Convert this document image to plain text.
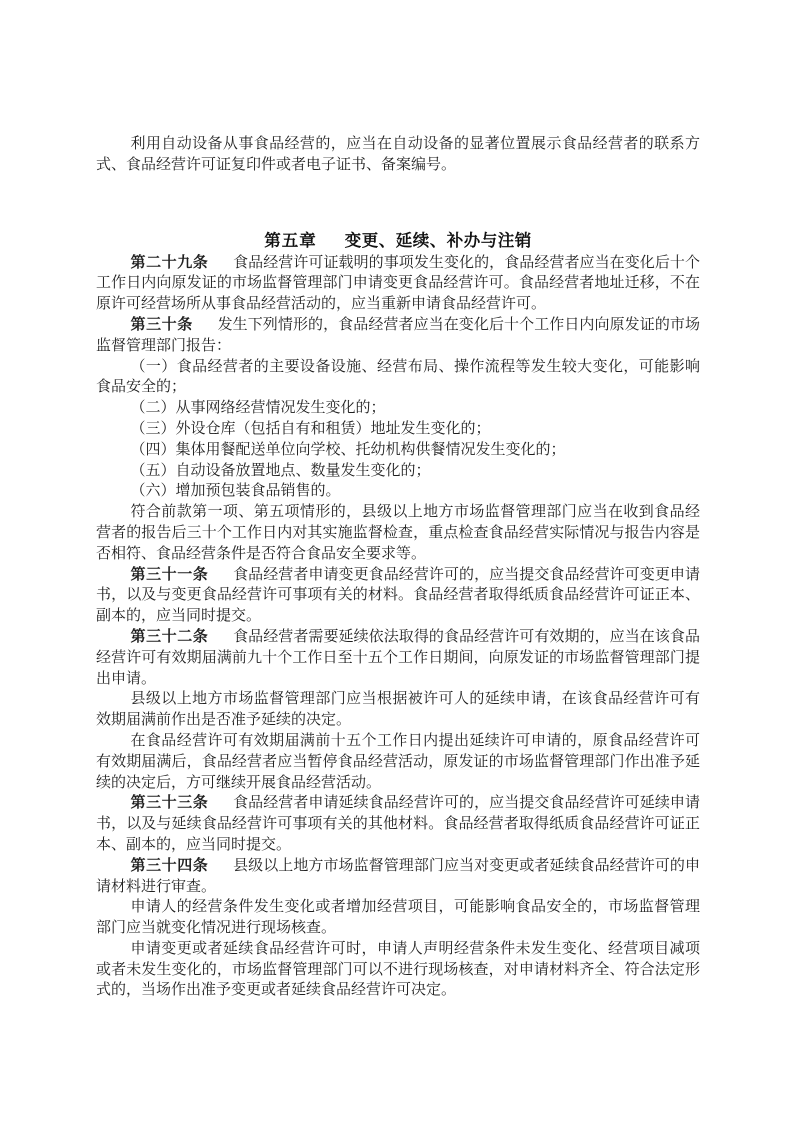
利用自动设备从事食品经营的，应当在自动设备的显著位置展示食品经营者的联系方式、食品经营许可证复印件或者电子证书、备案编号。

第五章 变更、延续、补办与注销

第二十九条 食品经营许可证载明的事项发生变化的，食品经营者应当在变化后十个工作日内向原发证的市场监督管理部门申请变更食品经营许可。食品经营者地址迁移，不在原许可经营场所从事食品经营活动的，应当重新申请食品经营许可。

第三十条 发生下列情形的，食品经营者应当在变化后十个工作日内向原发证的市场监督管理部门报告：

（一）食品经营者的主要设备设施、经营布局、操作流程等发生较大变化，可能影响食品安全的；

（二）从事网络经营情况发生变化的；

（三）外设仓库（包括自有和租赁）地址发生变化的；

（四）集体用餐配送单位向学校、托幼机构供餐情况发生变化的；

（五）自动设备放置地点、数量发生变化的；

（六）增加预包装食品销售的。

符合前款第一项、第五项情形的，县级以上地方市场监督管理部门应当在收到食品经营者的报告后三十个工作日内对其实施监督检查，重点检查食品经营实际情况与报告内容是否相符、食品经营条件是否符合食品安全要求等。

第三十一条 食品经营者申请变更食品经营许可的，应当提交食品经营许可变更申请书，以及与变更食品经营许可事项有关的材料。食品经营者取得纸质食品经营许可证正本、副本的，应当同时提交。

第三十二条 食品经营者需要延续依法取得的食品经营许可有效期的，应当在该食品经营许可有效期届满前九十个工作日至十五个工作日期间，向原发证的市场监督管理部门提出申请。

县级以上地方市场监督管理部门应当根据被许可人的延续申请，在该食品经营许可有效期届满前作出是否准予延续的决定。

在食品经营许可有效期届满前十五个工作日内提出延续许可申请的，原食品经营许可有效期届满后，食品经营者应当暂停食品经营活动，原发证的市场监督管理部门作出准予延续的决定后，方可继续开展食品经营活动。

第三十三条 食品经营者申请延续食品经营许可的，应当提交食品经营许可延续申请书，以及与延续食品经营许可事项有关的其他材料。食品经营者取得纸质食品经营许可证正本、副本的，应当同时提交。

第三十四条 县级以上地方市场监督管理部门应当对变更或者延续食品经营许可的申请材料进行审查。

申请人的经营条件发生变化或者增加经营项目，可能影响食品安全的，市场监督管理部门应当就变化情况进行现场核查。

申请变更或者延续食品经营许可时，申请人声明经营条件未发生变化、经营项目减项或者未发生变化的，市场监督管理部门可以不进行现场核查，对申请材料齐全、符合法定形式的，当场作出准予变更或者延续食品经营许可决定。
